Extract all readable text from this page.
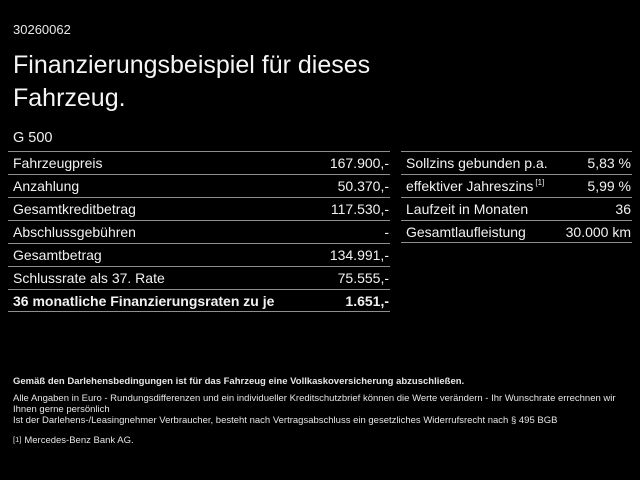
30260062
Finanzierungsbeispiel für dieses Fahrzeug.
G 500
Fahrzeugpreis	167.900,-
Anzahlung	50.370,-
Gesamtkreditbetrag	117.530,-
Abschlussgebühren	-
Gesamtbetrag	134.991,-
Schlussrate als 37. Rate	75.555,-
36 monatliche Finanzierungsraten zu je	1.651,-
Sollzins gebunden p.a.	5,83 %
effektiver Jahreszins [1]	5,99 %
Laufzeit in Monaten	36
Gesamtlaufleistung	30.000 km

Gemäß den Darlehensbedingungen ist für das Fahrzeug eine Vollkaskoversicherung abzuschließen.

Alle Angaben in Euro - Rundungsdifferenzen und ein individueller Kreditschutzbrief können die Werte verändern - Ihr Wunschrate errechnen wir Ihnen gerne persönlich

Ist der Darlehens-/Leasingnehmer Verbraucher, besteht nach Vertragsabschluss ein gesetzliches Widerrufsrecht nach § 495 BGB

[1] Mercedes-Benz Bank AG.
